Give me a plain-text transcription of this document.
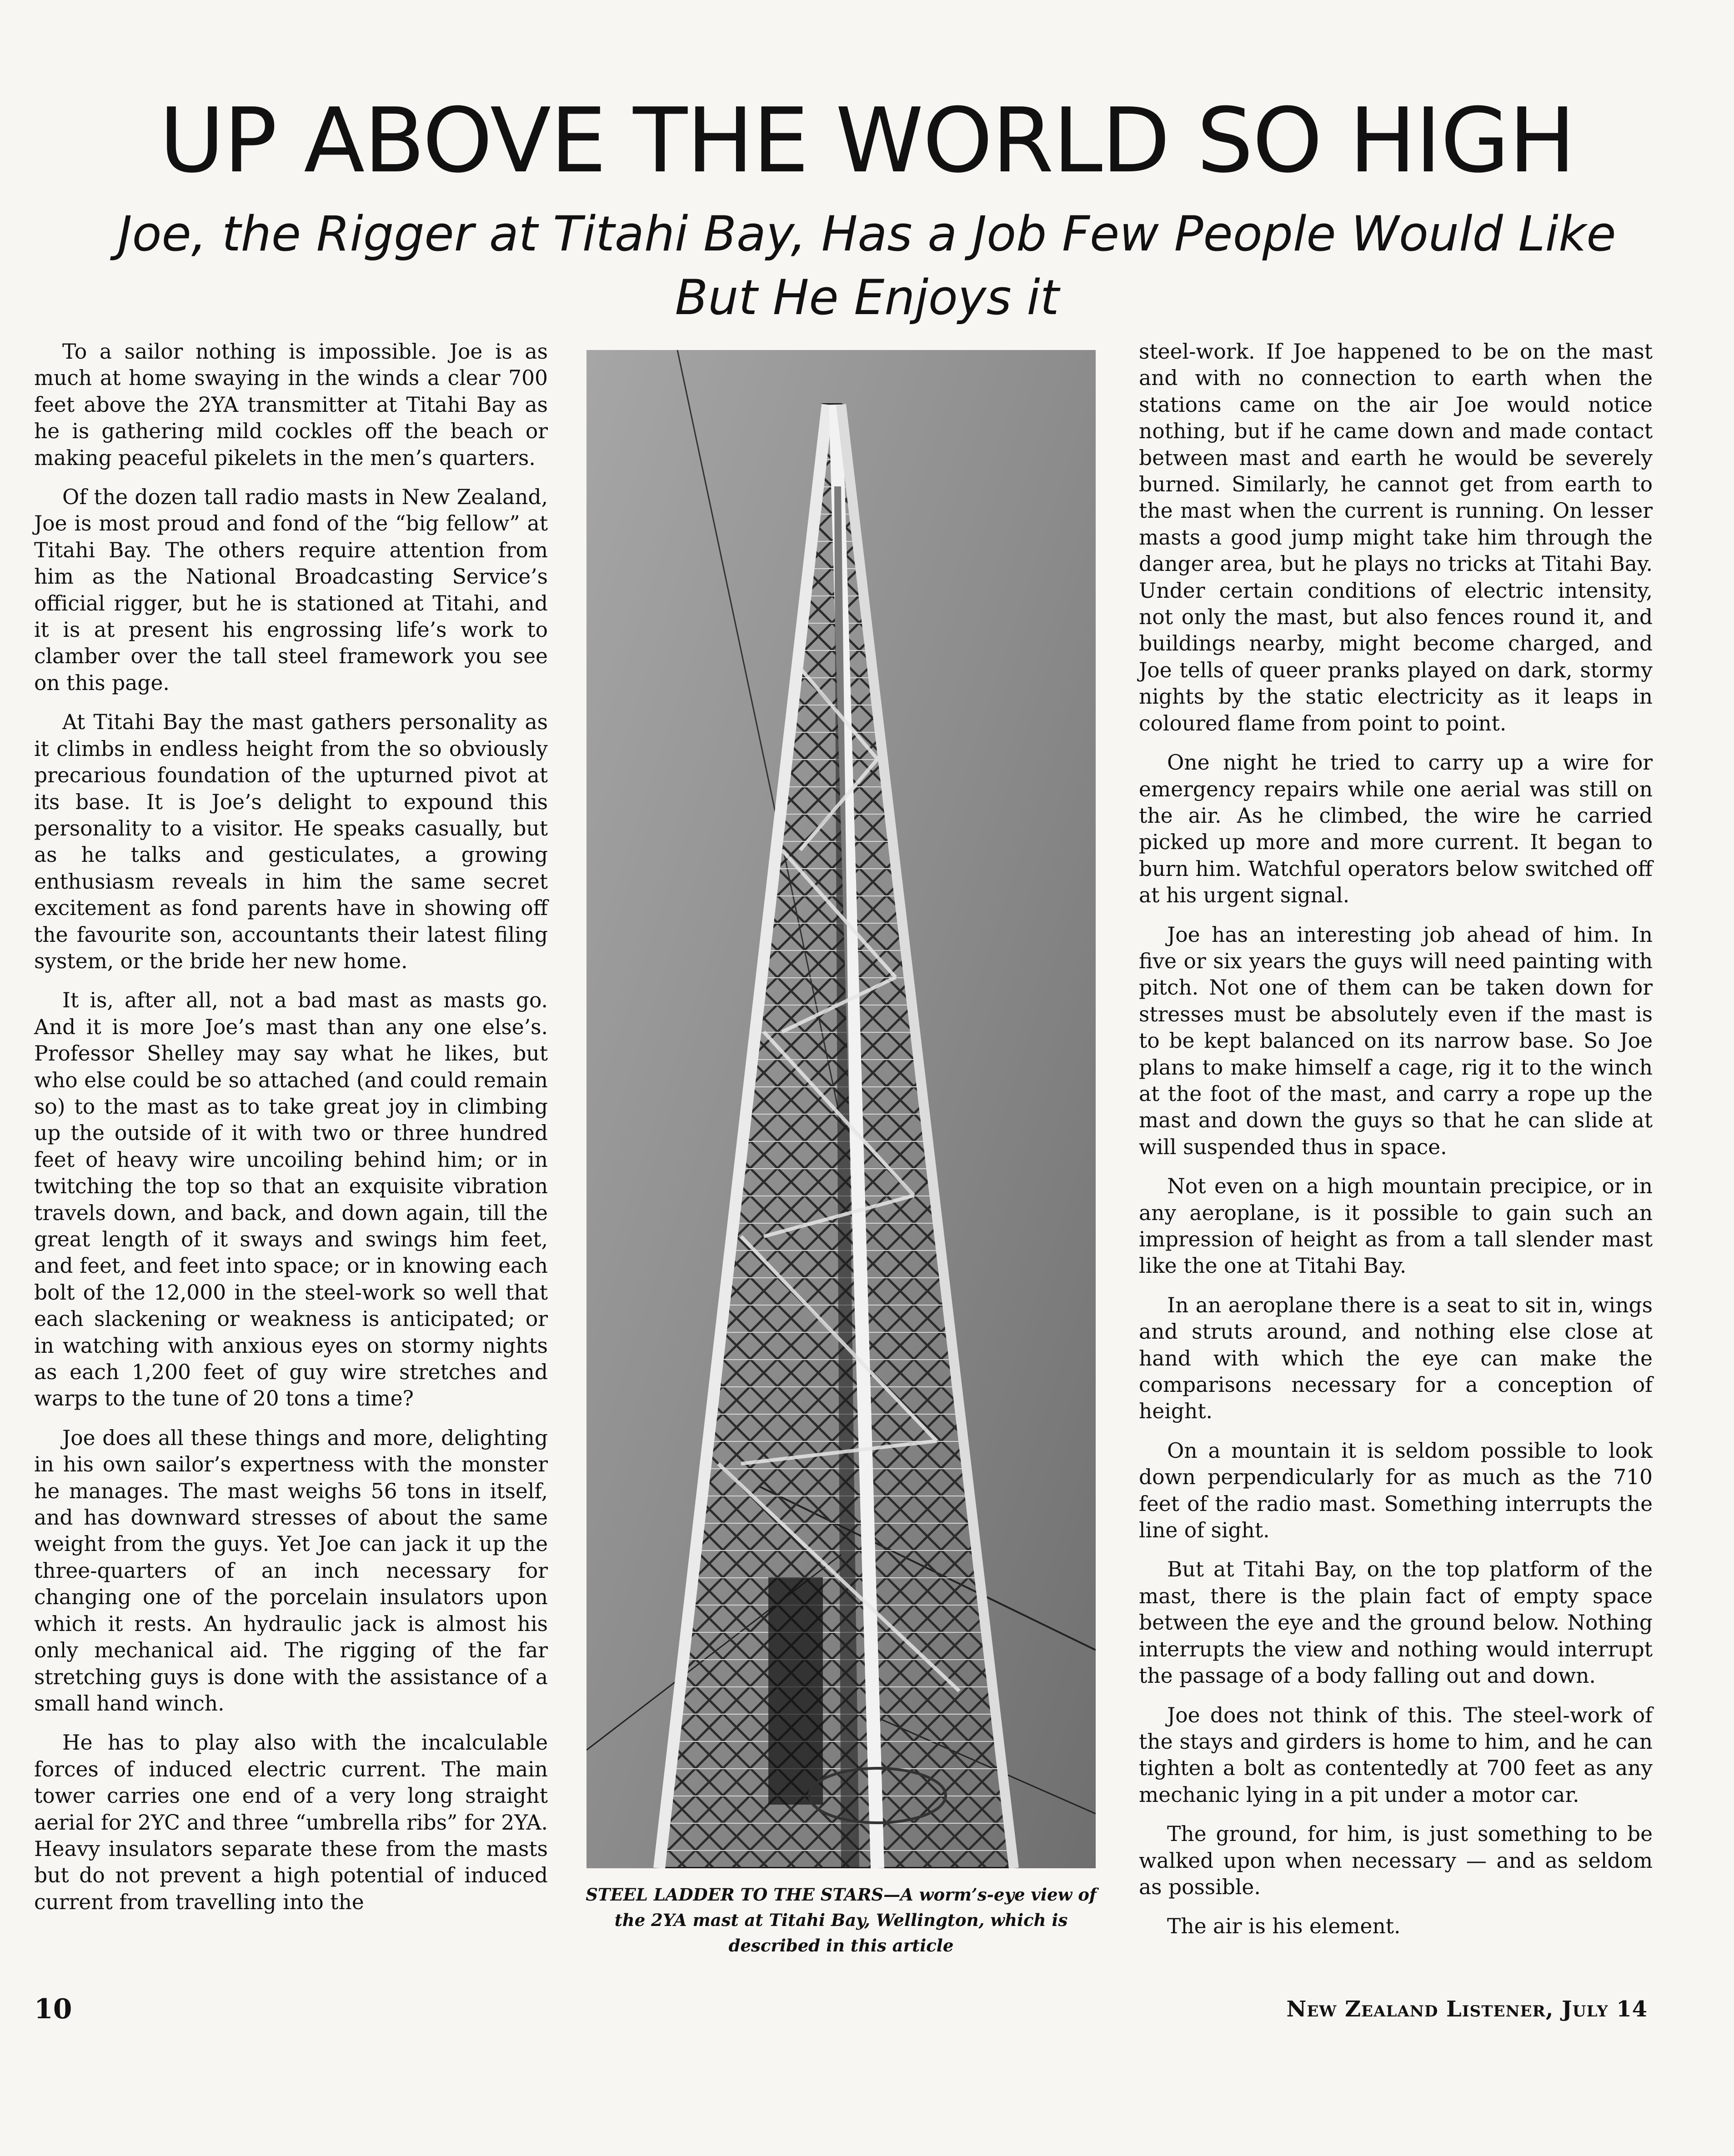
UP ABOVE THE WORLD SO HIGH
Joe, the Rigger at Titahi Bay, Has a Job Few People Would Like
But He Enjoys it

To a sailor nothing is impossible. Joe is as much at home swaying in the winds a clear 700 feet above the 2YA transmitter at Titahi Bay as he is gathering mild cockles off the beach or making peaceful pikelets in the men’s quarters.

Of the dozen tall radio masts in New Zealand, Joe is most proud and fond of the “big fellow” at Titahi Bay. The others require attention from him as the National Broadcasting Service’s official rigger, but he is stationed at Titahi, and it is at present his engrossing life’s work to clamber over the tall steel framework you see on this page.

At Titahi Bay the mast gathers personality as it climbs in endless height from the so obviously precarious foundation of the upturned pivot at its base. It is Joe’s delight to expound this personality to a visitor. He speaks casually, but as he talks and gesticulates, a growing enthusiasm reveals in him the same secret excitement as fond parents have in showing off the favourite son, accountants their latest filing system, or the bride her new home.

It is, after all, not a bad mast as masts go. And it is more Joe’s mast than any one else’s. Professor Shelley may say what he likes, but who else could be so attached (and could remain so) to the mast as to take great joy in climbing up the outside of it with two or three hundred feet of heavy wire uncoiling behind him; or in twitching the top so that an exquisite vibration travels down, and back, and down again, till the great length of it sways and swings him feet, and feet, and feet into space; or in knowing each bolt of the 12,000 in the steel-work so well that each slackening or weakness is anticipated; or in watching with anxious eyes on stormy nights as each 1,200 feet of guy wire stretches and warps to the tune of 20 tons a time?

Joe does all these things and more, delighting in his own sailor’s expertness with the monster he manages. The mast weighs 56 tons in itself, and has downward stresses of about the same weight from the guys. Yet Joe can jack it up the three-quarters of an inch necessary for changing one of the porcelain insulators upon which it rests. An hydraulic jack is almost his only mechanical aid. The rigging of the far stretching guys is done with the assistance of a small hand winch.

He has to play also with the incalculable forces of induced electric current. The main tower carries one end of a very long straight aerial for 2YC and three “umbrella ribs” for 2YA. Heavy insulators separate these from the masts but do not prevent a high potential of induced current from travelling into the	STEEL LADDER TO THE STARS—A worm’s-eye view of the 2YA mast at Titahi Bay, Wellington, which is described in this article

steel-work. If Joe happened to be on the mast and with no connection to earth when the stations came on the air Joe would notice nothing, but if he came down and made contact between mast and earth he would be severely burned. Similarly, he cannot get from earth to the mast when the current is running. On lesser masts a good jump might take him through the danger area, but he plays no tricks at Titahi Bay. Under certain conditions of electric intensity, not only the mast, but also fences round it, and buildings nearby, might become charged, and Joe tells of queer pranks played on dark, stormy nights by the static electricity as it leaps in coloured flame from point to point.

One night he tried to carry up a wire for emergency repairs while one aerial was still on the air. As he climbed, the wire he carried picked up more and more current. It began to burn him. Watchful operators below switched off at his urgent signal.

Joe has an interesting job ahead of him. In five or six years the guys will need painting with pitch. Not one of them can be taken down for stresses must be absolutely even if the mast is to be kept balanced on its narrow base. So Joe plans to make himself a cage, rig it to the winch at the foot of the mast, and carry a rope up the mast and down the guys so that he can slide at will suspended thus in space.

Not even on a high mountain precipice, or in any aeroplane, is it possible to gain such an impression of height as from a tall slender mast like the one at Titahi Bay.

In an aeroplane there is a seat to sit in, wings and struts around, and nothing else close at hand with which the eye can make the comparisons necessary for a conception of height.

On a mountain it is seldom possible to look down perpendicularly for as much as the 710 feet of the radio mast. Something interrupts the line of sight.

But at Titahi Bay, on the top platform of the mast, there is the plain fact of empty space between the eye and the ground below. Nothing interrupts the view and nothing would interrupt the passage of a body falling out and down.

Joe does not think of this. The steel-work of the stays and girders is home to him, and he can tighten a bolt as contentedly at 700 feet as any mechanic lying in a pit under a motor car.

The ground, for him, is just something to be walked upon when necessary — and as seldom as possible.

The air is his element.

10	New Zealand Listener, July 14
